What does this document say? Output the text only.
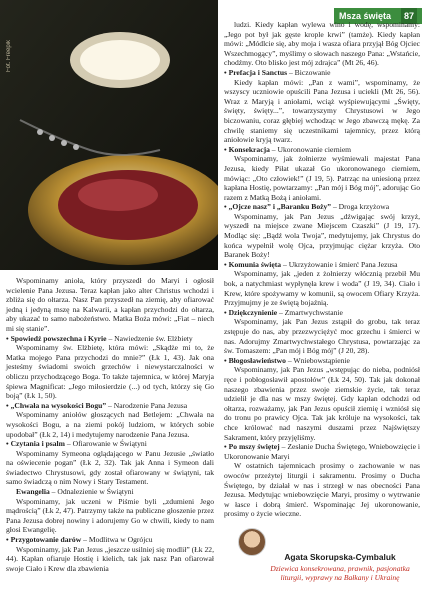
Msza święta	87
Fot. Freepik

Wspominamy anioła, który przyszedł do Maryi i ogłosił wcielenie Pana Jezusa. Teraz kapłan jako alter Christus wchodzi i zbliża się do ołtarza. Nasz Pan przyszedł na ziemię, aby ofiarować jedną i jedyną mszę na Kalwarii, a kapłan przychodzi do ołtarza, aby ukazać to samo nabożeństwo. Matka Boża mówi: „Fiat – niech mi się stanie”.

• Spowiedź powszechna i Kyrie – Nawiedzenie św. Elżbiety

Wspominamy św. Elżbietę, która mówi: „Skądże mi to, że Matka mojego Pana przychodzi do mnie?” (Łk 1, 43). Jak ona jesteśmy świadomi swoich grzechów i niewystarczalności w obliczu przychodzącego Boga. To także tajemnica, w której Maryja śpiewa Magnificat: „Jego miłosierdzie (...) od tych, którzy się Go boją” (Łk 1, 50).

• „Chwała na wysokości Bogu” – Narodzenie Pana Jezusa

Wspominamy aniołów głoszących nad Betlejem: „Chwała na wysokości Bogu, a na ziemi pokój ludziom, w których sobie upodobał” (Łk 2, 14) i medytujemy narodzenie Pana Jezusa.

• Czytania i psalm – Ofiarowanie w Świątyni

Wspominamy Symeona oglądającego w Panu Jezusie „światło na oświecenie pogan” (Łk 2, 32). Tak jak Anna i Symeon dali świadectwo Chrystusowi, gdy został ofiarowany w świątyni, tak samo świadczą o nim Nowy i Stary Testament.

Ewangelia – Odnalezienie w Świątyni

Wspominamy, jak uczeni w Piśmie byli „zdumieni Jego mądrością” (Łk 2, 47). Patrzymy także na publiczne głoszenie przez Pana Jezusa dobrej nowiny i adorujemy Go w chwili, kiedy to nam głosi Ewangelię.

• Przygotowanie darów – Modlitwa w Ogrójcu

Wspominamy, jak Pan Jezus „jeszcze usilniej się modlił” (Łk 22, 44). Kapłan ofiaruje Hostię i kielich, tak jak nasz Pan ofiarował swoje Ciało i Krew dla zbawienia

ludzi. Kiedy kapłan wylewa wino i wodę, wspominamy: „Jego pot był jak gęste krople krwi” (tamże). Kiedy kapłan mówi: „Módlcie się, aby moja i wasza ofiara przyjął Bóg Ojciec Wszechmogący”, myślimy o słowach naszego Pana: „Wstańcie, chodźmy. Oto blisko jest mój zdrajca” (Mt 26, 46).

• Prefacja i Sanctus – Biczowanie

Kiedy kapłan mówi: „Pan z wami”, wspominamy, że wszyscy uczniowie opuścili Pana Jezusa i uciekli (Mt 26, 56). Wraz z Maryją i aniołami, wciąż wyśpiewującymi „Święty, święty, święty...”, towarzyszymy Chrystusowi w Jego biczowaniu, coraz głębiej wchodząc w Jego zbawczą mękę. Za chwilę staniemy się uczestnikami tajemnicy, przez którą aniołowie kryją twarz.

• Konsekracja – Ukoronowanie cierniem

Wspominamy, jak żołnierze wyśmiewali majestat Pana Jezusa, kiedy Piłat ukazał Go ukoronowanego cierniem, mówiąc: „Oto człowiek!” (J 19, 5). Patrząc na uniesioną przez kapłana Hostię, powtarzamy: „Pan mój i Bóg mój”, adorując Go razem z Matką Bożą i aniołami.

• „Ojcze nasz” i „Baranku Boży” – Droga krzyżowa

Wspominamy, jak Pan Jezus „dźwigając swój krzyż, wyszedł na miejsce zwane Miejscem Czaszki” (J 19, 17). Modląc się: „Bądź wola Twoja”, medytujemy, jak Chrystus do końca wypełnił wolę Ojca, przyjmując ciężar krzyża. Oto Baranek Boży!

• Komunia święta – Ukrzyżowanie i śmierć Pana Jezusa

Wspominamy, jak „jeden z żołnierzy włócznią przebił Mu bok, a natychmiast wypłynęła krew i woda” (J 19, 34). Ciało i Krew, które spożywamy w komunii, są owocem Ofiary Krzyża. Przyjmujmy je ze świętą bojaźnią.

• Dziękczynienie – Zmartwychwstanie

Wspominamy, jak Pan Jezus zstąpił do grobu, tak teraz zstępuje do nas, aby przezwyciężyć moc grzechu i śmierci w nas. Adorujmy Zmartwychwstałego Chrystusa, powtarzając za św. Tomaszem: „Pan mój i Bóg mój” (J 20, 28).

• Błogosławieństwo – Wniebowstąpienie

Wspominamy, jak Pan Jezus „wstępując do nieba, podniósł ręce i pobłogosławił apostołów” (Łk 24, 50). Tak jak dokonał naszego zbawienia przez swoje ziemskie życie, tak teraz udzielił je dla nas w mszy świętej. Gdy kapłan odchodzi od ołtarza, rozważamy, jak Pan Jezus opuścił ziemię i wzniósł się do tronu po prawicy Ojca. Tak jak króluje na wysokości, tak chce królować nad naszymi duszami przez Najświętszy Sakrament, który przyjęliśmy.

• Po mszy świętej – Zesłanie Ducha Świętego, Wniebowzięcie i Ukoronowanie Maryi

W ostatnich tajemnicach prosimy o zachowanie w nas owoców przeżytej liturgii i sakramentu. Prosimy o Ducha Świętego, by działał w nas i strzegł w nas obecności Pana Jezusa. Medytując wniebowzięcie Maryi, prosimy o wytrwanie w łasce i dobrą śmierć. Wspominając Jej ukoronowanie, prosimy o życie wieczne.

Agata Skorupska-Cymbaluk
Dziewica konsekrowana, prawnik, pasjonatka liturgii, wyprawy na Bałkany i Ukrainę
